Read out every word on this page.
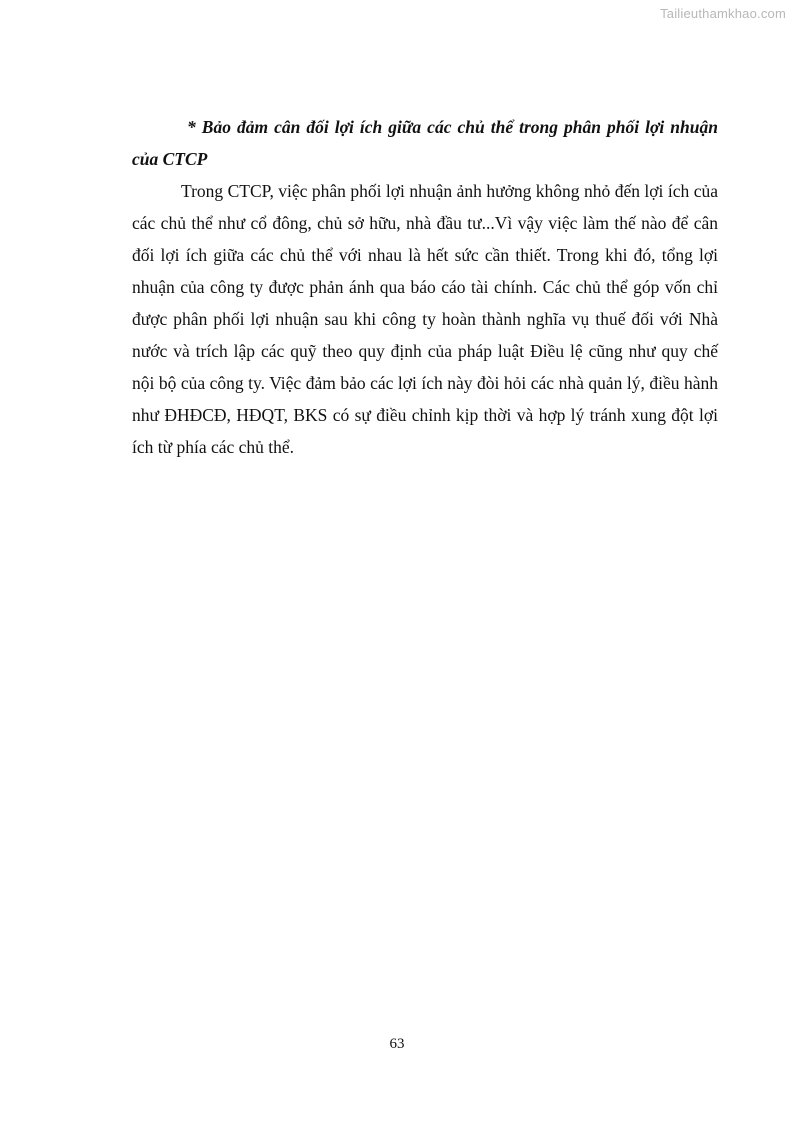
Tailieuthamkhao.com

* Bảo đảm cân đối lợi ích giữa các chủ thể trong phân phối lợi nhuận của CTCP

Trong CTCP, việc phân phối lợi nhuận ảnh hưởng không nhỏ đến lợi ích của các chủ thể như cổ đông, chủ sở hữu, nhà đầu tư...Vì vậy việc làm thế nào để cân đối lợi ích giữa các chủ thể với nhau là hết sức cần thiết. Trong khi đó, tổng lợi nhuận của công ty được phản ánh qua báo cáo tài chính. Các chủ thể góp vốn chỉ được phân phối lợi nhuận sau khi công ty hoàn thành nghĩa vụ thuế đối với Nhà nước và trích lập các quỹ theo quy định của pháp luật Điều lệ cũng như quy chế nội bộ của công ty. Việc đảm bảo các lợi ích này đòi hỏi các nhà quản lý, điều hành như ĐHĐCĐ, HĐQT, BKS có sự điều chỉnh kịp thời và hợp lý tránh xung đột lợi ích từ phía các chủ thể.

63
